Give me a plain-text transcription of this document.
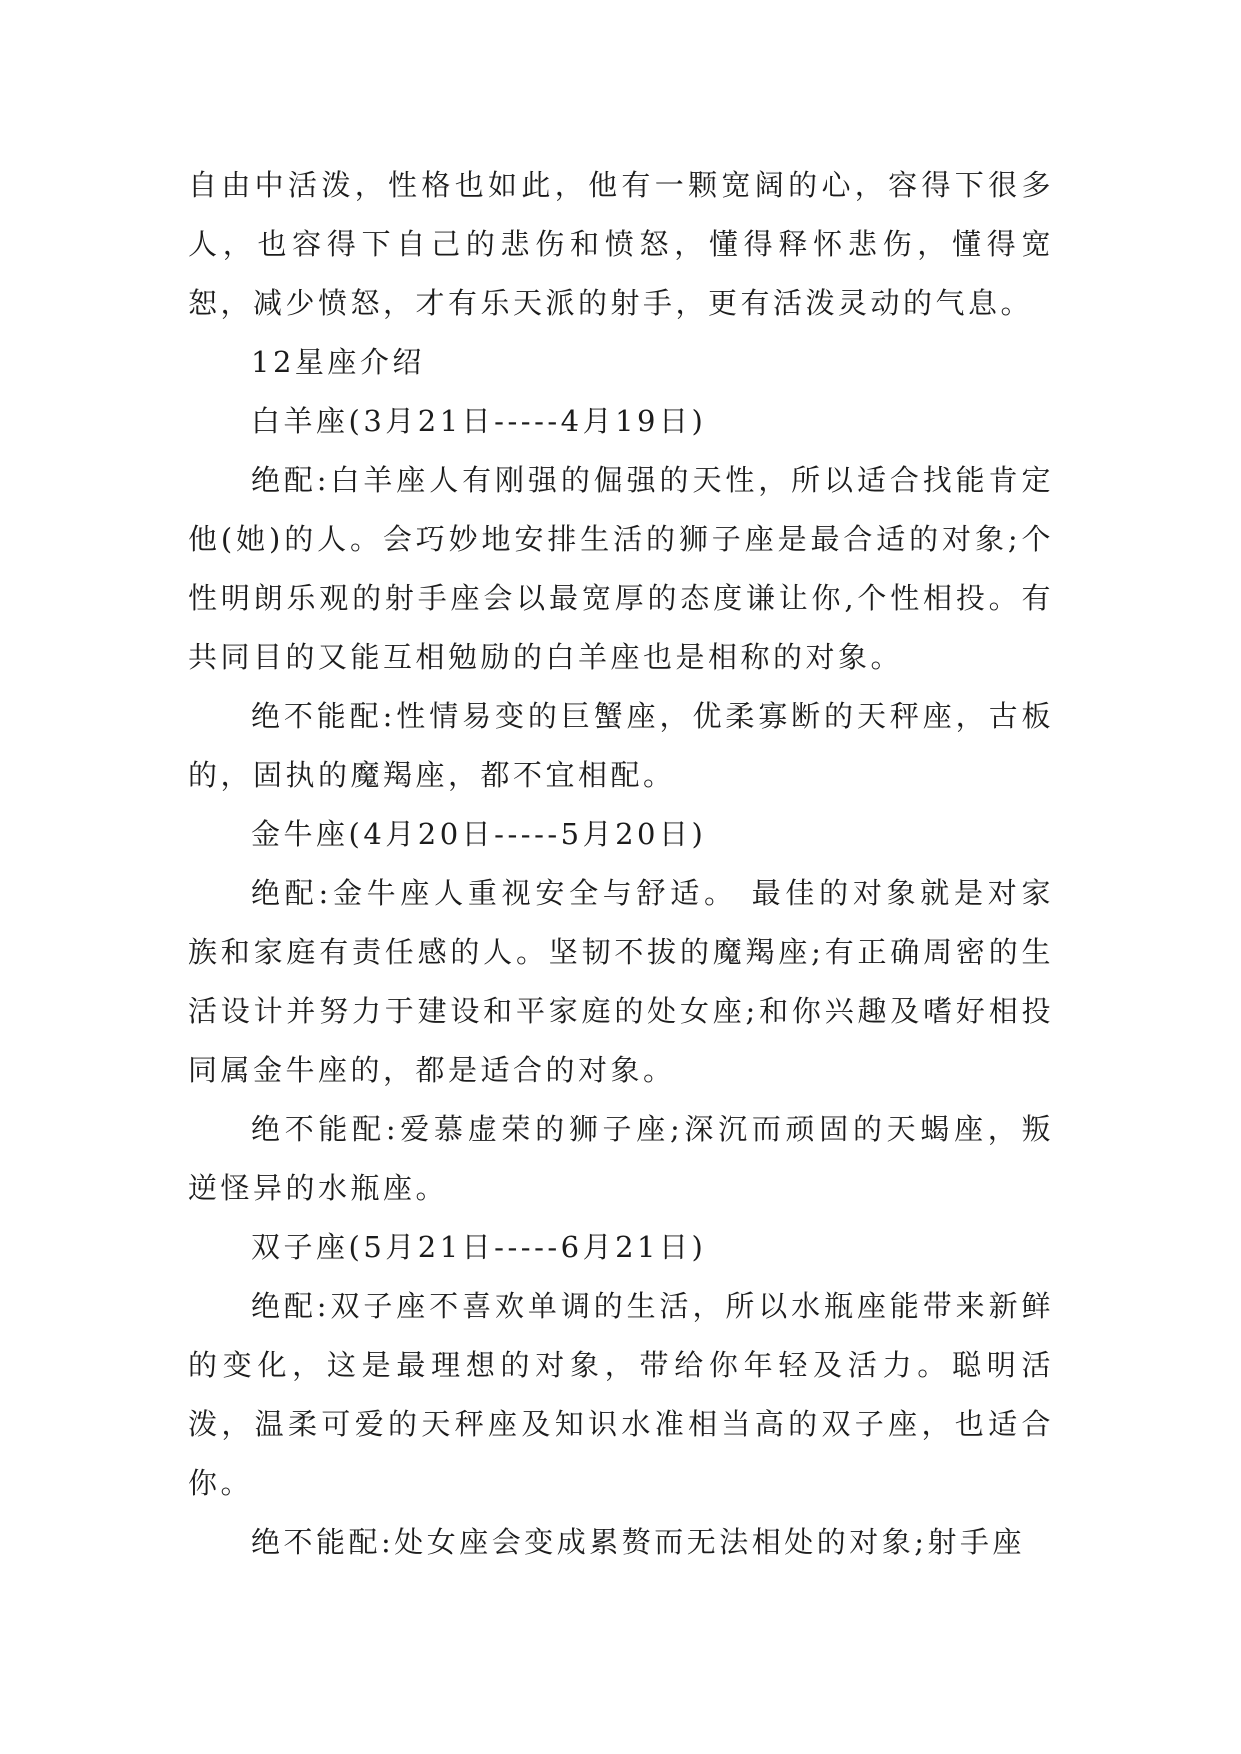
自由中活泼，性格也如此，他有一颗宽阔的心，容得下很多人，也容得下自己的悲伤和愤怒，懂得释怀悲伤，懂得宽恕，减少愤怒，才有乐天派的射手，更有活泼灵动的气息。

12星座介绍

白羊座(3月21日-----4月19日)

绝配:白羊座人有刚强的倔强的天性，所以适合找能肯定他(她)的人。会巧妙地安排生活的狮子座是最合适的对象;个性明朗乐观的射手座会以最宽厚的态度谦让你,个性相投。有共同目的又能互相勉励的白羊座也是相称的对象。

绝不能配:性情易变的巨蟹座，优柔寡断的天秤座，古板的，固执的魔羯座，都不宜相配。

金牛座(4月20日-----5月20日)

绝配:金牛座人重视安全与舒适。 最佳的对象就是对家族和家庭有责任感的人。坚韧不拔的魔羯座;有正确周密的生活设计并努力于建设和平家庭的处女座;和你兴趣及嗜好相投同属金牛座的，都是适合的对象。

绝不能配:爱慕虚荣的狮子座;深沉而顽固的天蝎座，叛逆怪异的水瓶座。

双子座(5月21日-----6月21日)

绝配:双子座不喜欢单调的生活，所以水瓶座能带来新鲜的变化，这是最理想的对象，带给你年轻及活力。聪明活泼，温柔可爱的天秤座及知识水准相当高的双子座，也适合你。

绝不能配:处女座会变成累赘而无法相处的对象;射手座
